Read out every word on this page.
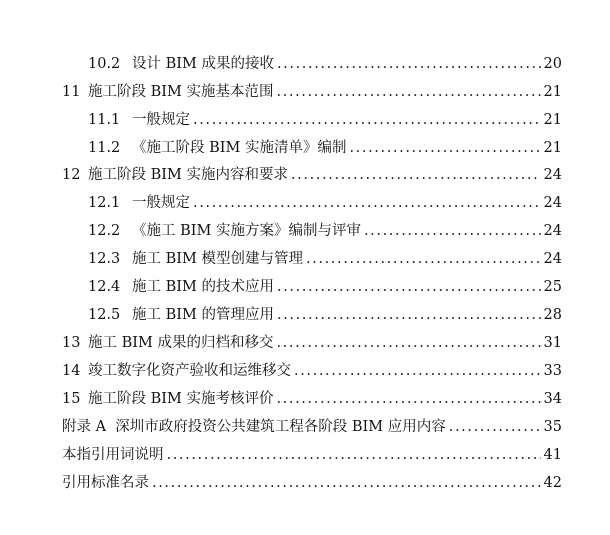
10.2 设计 BIM 成果的接收 .....	20
11 施工阶段 BIM 实施基本范围 .....	21
11.1 一般规定 .....	21
11.2 《施工阶段 BIM 实施清单》编制 .....	21
12 施工阶段 BIM 实施内容和要求 .....	24
12.1 一般规定 .....	24
12.2 《施工 BIM 实施方案》编制与评审 .....	24
12.3 施工 BIM 模型创建与管理 .....	24
12.4 施工 BIM 的技术应用 .....	25
12.5 施工 BIM 的管理应用 .....	28
13 施工 BIM 成果的归档和移交 .....	31
14 竣工数字化资产验收和运维移交 .....	33
15 施工阶段 BIM 实施考核评价 .....	34
附录 A  深圳市政府投资公共建筑工程各阶段 BIM 应用内容 .....	35
本指引用词说明 .....	41
引用标准名录 .....	42
